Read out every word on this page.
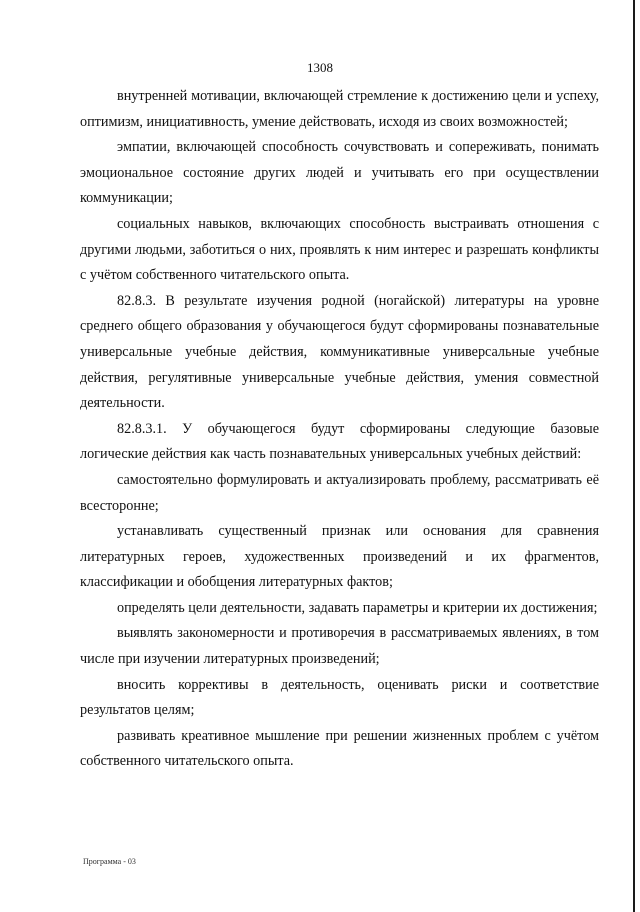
1308

внутренней мотивации, включающей стремление к достижению цели и успеху, оптимизм, инициативность, умение действовать, исходя из своих возможностей;

эмпатии, включающей способность сочувствовать и сопереживать, понимать эмоциональное состояние других людей и учитывать его при осуществлении коммуникации;

социальных навыков, включающих способность выстраивать отношения с другими людьми, заботиться о них, проявлять к ним интерес и разрешать конфликты с учётом собственного читательского опыта.

82.8.3. В результате изучения родной (ногайской) литературы на уровне среднего общего образования у обучающегося будут сформированы познавательные универсальные учебные действия, коммуникативные универсальные учебные действия, регулятивные универсальные учебные действия, умения совместной деятельности.

82.8.3.1. У обучающегося будут сформированы следующие базовые логические действия как часть познавательных универсальных учебных действий:

самостоятельно формулировать и актуализировать проблему, рассматривать её всесторонне;

устанавливать существенный признак или основания для сравнения литературных героев, художественных произведений и их фрагментов, классификации и обобщения литературных фактов;

определять цели деятельности, задавать параметры и критерии их достижения;

выявлять закономерности и противоречия в рассматриваемых явлениях, в том числе при изучении литературных произведений;

вносить коррективы в деятельность, оценивать риски и соответствие результатов целям;

развивать креативное мышление при решении жизненных проблем с учётом собственного читательского опыта.

Программа - 03
